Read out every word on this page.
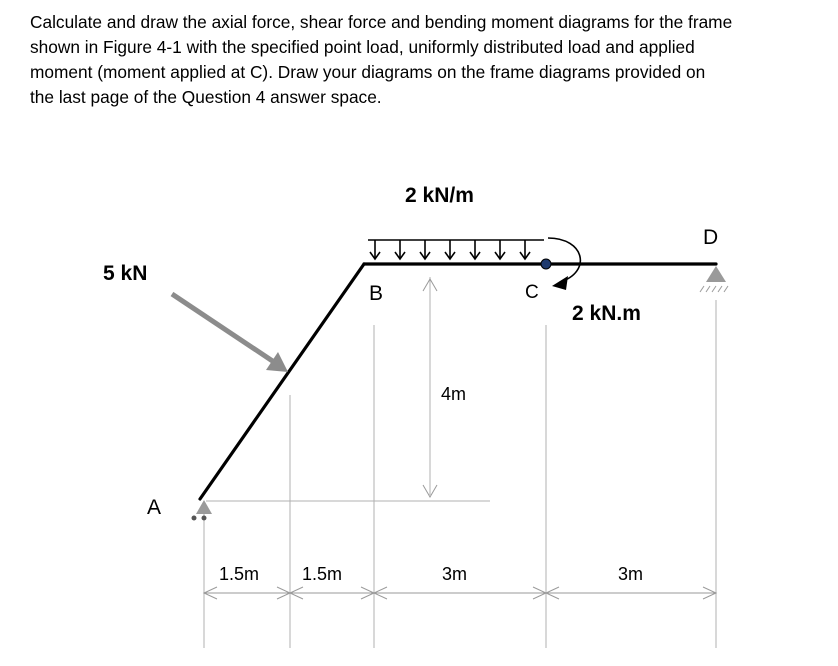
Calculate and draw the axial force, shear force and bending moment diagrams for the frame
shown in Figure 4-1 with the specified point load, uniformly distributed load and applied
moment (moment applied at C). Draw your diagrams on the frame diagrams provided on
the last page of the Question 4 answer space.

2 kN/m
5 kN
2 kN.m
A
B	C
D
4m
1.5m 1.5m	3m	3m
